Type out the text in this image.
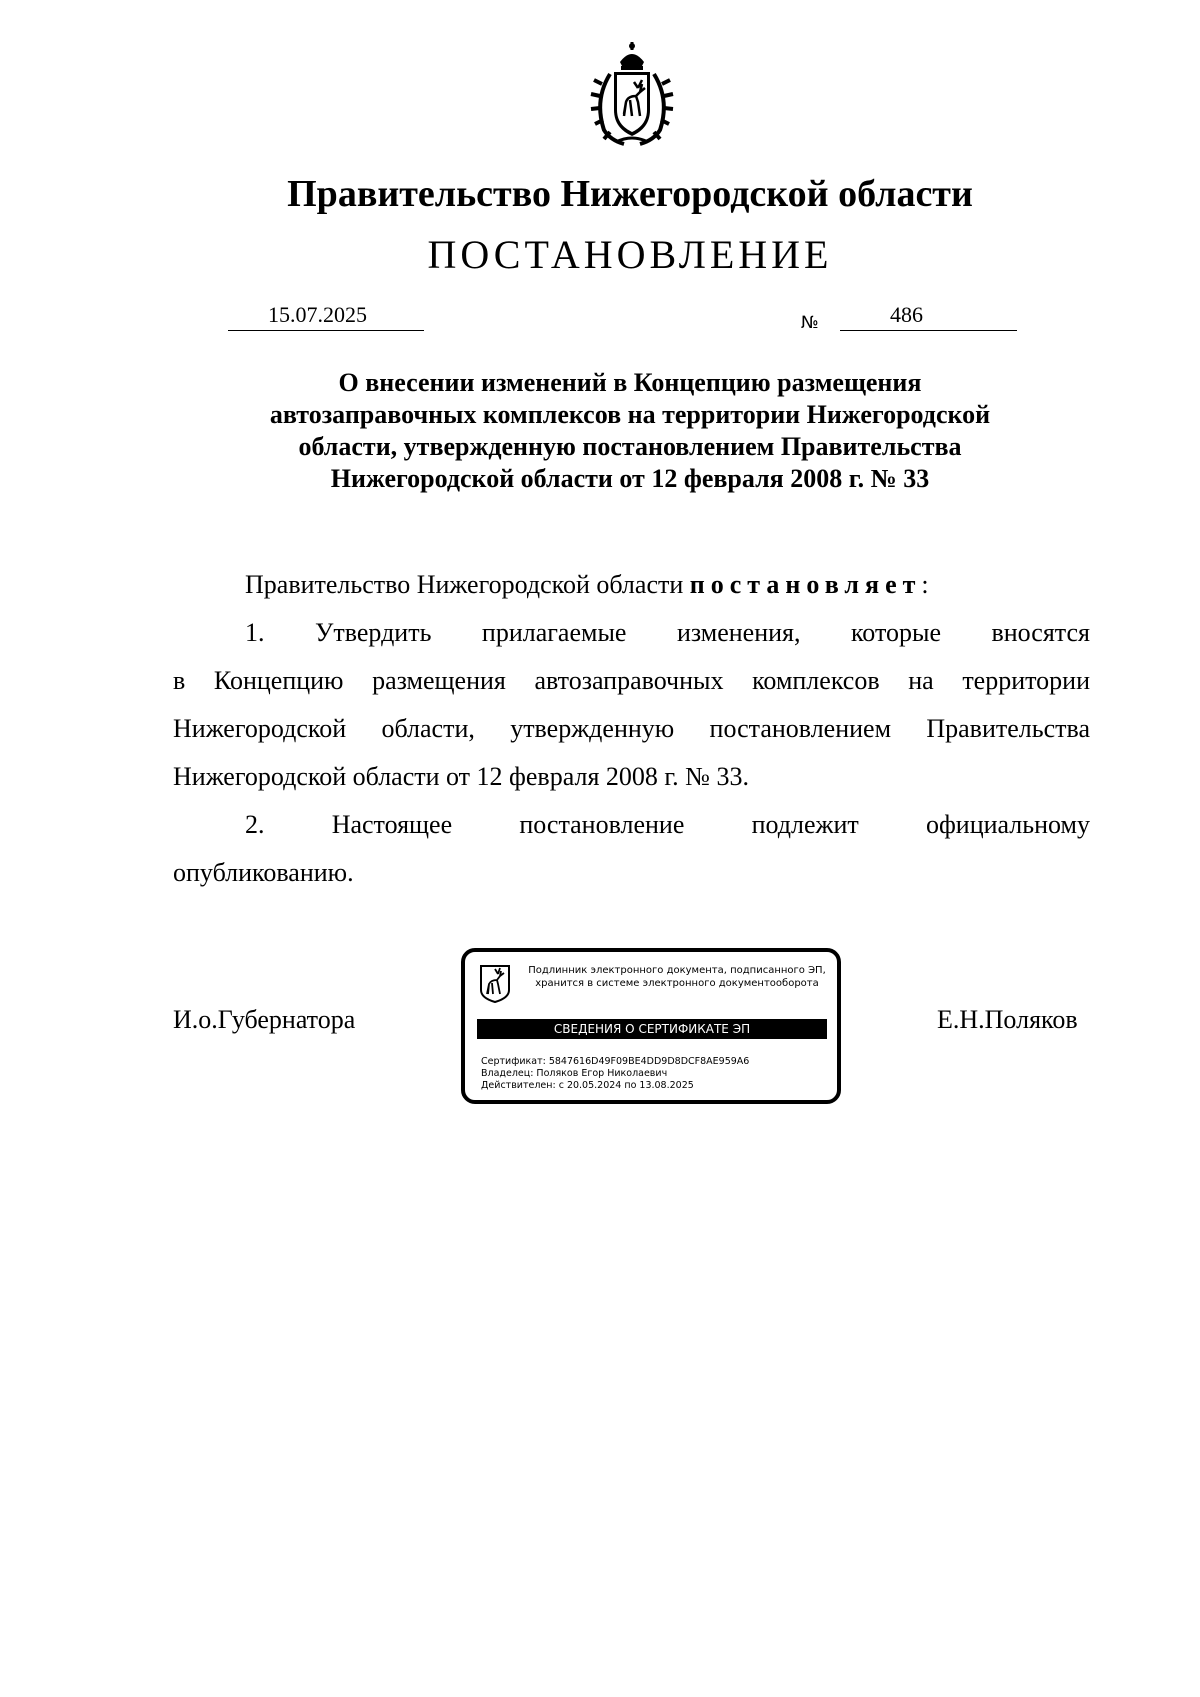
Правительство Нижегородской области
ПОСТАНОВЛЕНИЕ
15.07.2025	№	486
О внесении изменений в Концепцию размещения
автозаправочных комплексов на территории Нижегородской
области, утвержденную постановлением Правительства
Нижегородской области от 12 февраля 2008 г. № 33

Правительство Нижегородской области постановляет:

1. Утвердить прилагаемые изменения, которые вносятся
в Концепцию размещения автозаправочных комплексов на территории
Нижегородской области, утвержденную постановлением Правительства
Нижегородской области от 12 февраля 2008 г. № 33.

2. Настоящее постановление подлежит официальному
опубликованию.

И.о.Губернатора	Е.Н.Поляков
Подлинник электронного документа, подписанного ЭП,
хранится в системе электронного документооборота
СВЕДЕНИЯ О СЕРТИФИКАТЕ ЭП
Сертификат: 5847616D49F09BE4DD9D8DCF8AE959A6
Владелец: Поляков Егор Николаевич
Действителен: с 20.05.2024 по 13.08.2025
